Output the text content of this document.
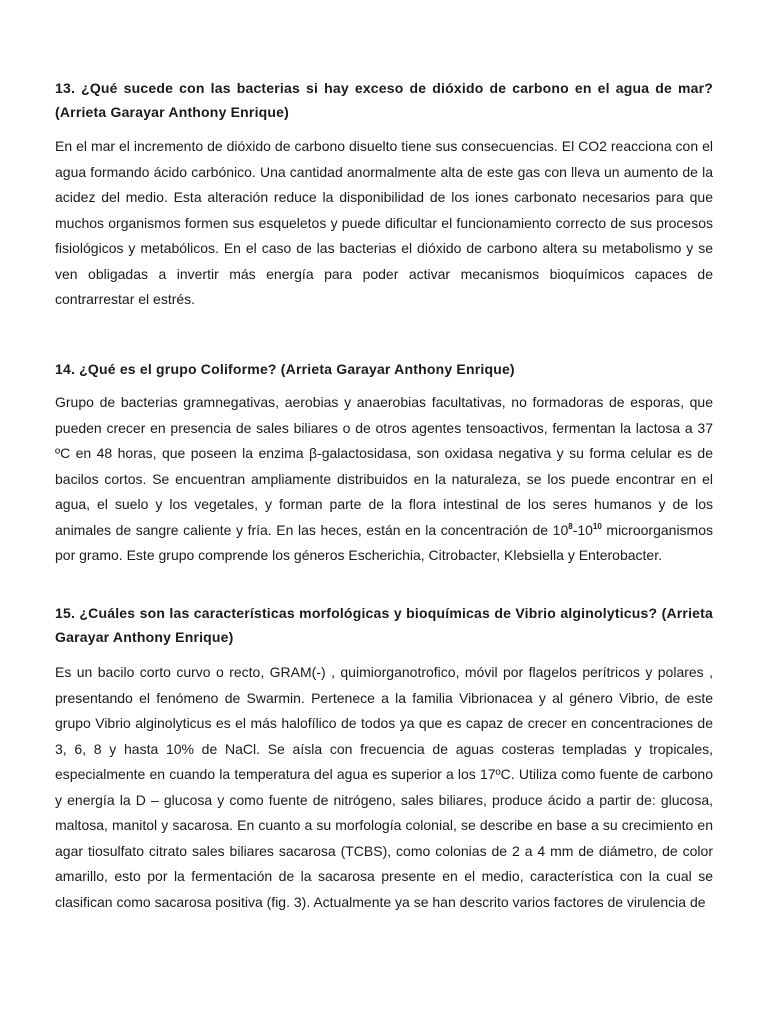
13. ¿Qué sucede con las bacterias si hay exceso de dióxido de carbono en el agua de mar? (Arrieta Garayar Anthony Enrique)

En el mar el incremento de dióxido de carbono disuelto tiene sus consecuencias. El CO2 reacciona con el agua formando ácido carbónico. Una cantidad anormalmente alta de este gas con lleva un aumento de la acidez del medio. Esta alteración reduce la disponibilidad de los iones carbonato necesarios para que muchos organismos formen sus esqueletos y puede dificultar el funcionamiento correcto de sus procesos fisiológicos y metabólicos. En el caso de las bacterias el dióxido de carbono altera su metabolismo y se ven obligadas a invertir más energía para poder activar mecanismos bioquímicos capaces de contrarrestar el estrés.

14. ¿Qué es el grupo Coliforme? (Arrieta Garayar Anthony Enrique)

Grupo de bacterias gramnegativas, aerobias y anaerobias facultativas, no formadoras de esporas, que pueden crecer en presencia de sales biliares o de otros agentes tensoactivos, fermentan la lactosa a 37 ºC en 48 horas, que poseen la enzima β-galactosidasa, son oxidasa negativa y su forma celular es de bacilos cortos. Se encuentran ampliamente distribuidos en la naturaleza, se los puede encontrar en el agua, el suelo y los vegetales, y forman parte de la flora intestinal de los seres humanos y de los animales de sangre caliente y fría. En las heces, están en la concentración de $10^8-10^{10}$ microorganismos por gramo. Este grupo comprende los géneros Escherichia, Citrobacter, Klebsiella y Enterobacter.

15. ¿Cuáles son las características morfológicas y bioquímicas de Vibrio alginolyticus? (Arrieta Garayar Anthony Enrique)

Es un bacilo corto curvo o recto, GRAM(-) , quimiorganotrofico, móvil por flagelos perítricos y polares , presentando el fenómeno de Swarmin. Pertenece a la familia Vibrionacea y al género Vibrio, de este grupo Vibrio alginolyticus es el más halofílico de todos ya que es capaz de crecer en concentraciones de 3, 6, 8 y hasta 10% de NaCl. Se aísla con frecuencia de aguas costeras templadas y tropicales, especialmente en cuando la temperatura del agua es superior a los 17ºC. Utiliza como fuente de carbono y energía la D – glucosa y como fuente de nitrógeno, sales biliares, produce ácido a partir de: glucosa, maltosa, manitol y sacarosa. En cuanto a su morfología colonial, se describe en base a su crecimiento en agar tiosulfato citrato sales biliares sacarosa (TCBS), como colonias de 2 a 4 mm de diámetro, de color amarillo, esto por la fermentación de la sacarosa presente en el medio, característica con la cual se clasifican como sacarosa positiva (fig. 3). Actualmente ya se han descrito varios factores de virulencia de
